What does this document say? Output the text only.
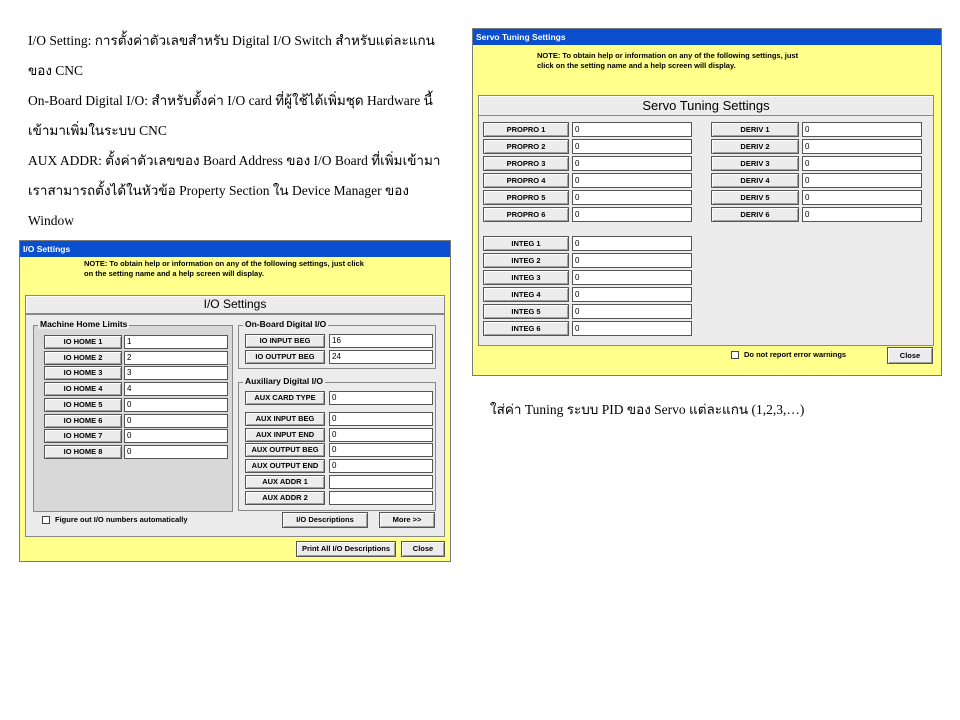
I/O Setting: การตั้งค่าตัวเลขสำหรับ Digital I/O Switch สำหรับแต่ละแกน ของ CNC

On-Board Digital I/O: สำหรับตั้งค่า I/O card ที่ผู้ใช้ได้เพิ่มชุด Hardware นี้เข้ามาเพิ่มในระบบ CNC

AUX ADDR: ตั้งค่าตัวเลขของ Board Address ของ I/O Board ที่เพิ่มเข้ามา เราสามารถตั้งได้ในหัวข้อ Property Section ใน Device Manager ของ Window

I/O Settings
NOTE: To obtain help or information on any of the following settings, just click
on the setting name and a help screen will display.
I/O Settings
Machine Home Limits
IO HOME 1	1
IO HOME 2	2
IO HOME 3	3
IO HOME 4	4
IO HOME 5	0
IO HOME 6	0
IO HOME 7	0
IO HOME 8	0
On-Board Digital I/O
IO INPUT BEG	16
IO OUTPUT BEG	24
Auxiliary Digital I/O
AUX CARD TYPE	0
AUX INPUT BEG	0
AUX INPUT END	0
AUX OUTPUT BEG	0
AUX OUTPUT END	0
AUX ADDR 1
AUX ADDR 2
Figure out I/O numbers automatically	I/O Descriptions	More >>
Print All I/O Descriptions	Close
Servo Tuning Settings
NOTE: To obtain help or information on any of the following settings, just
click on the setting name and a help screen will display.
Servo Tuning Settings
PROPRO 1	0
PROPRO 2	0
PROPRO 3	0
PROPRO 4	0
PROPRO 5	0
PROPRO 6	0
DERIV 1	0
DERIV 2	0
DERIV 3	0
DERIV 4	0
DERIV 5	0
DERIV 6	0
INTEG 1	0
INTEG 2	0
INTEG 3	0
INTEG 4	0
INTEG 5	0
INTEG 6	0
Do not report error warnings	Close
ใส่ค่า Tuning ระบบ PID ของ Servo แต่ละแกน (1,2,3,…)
